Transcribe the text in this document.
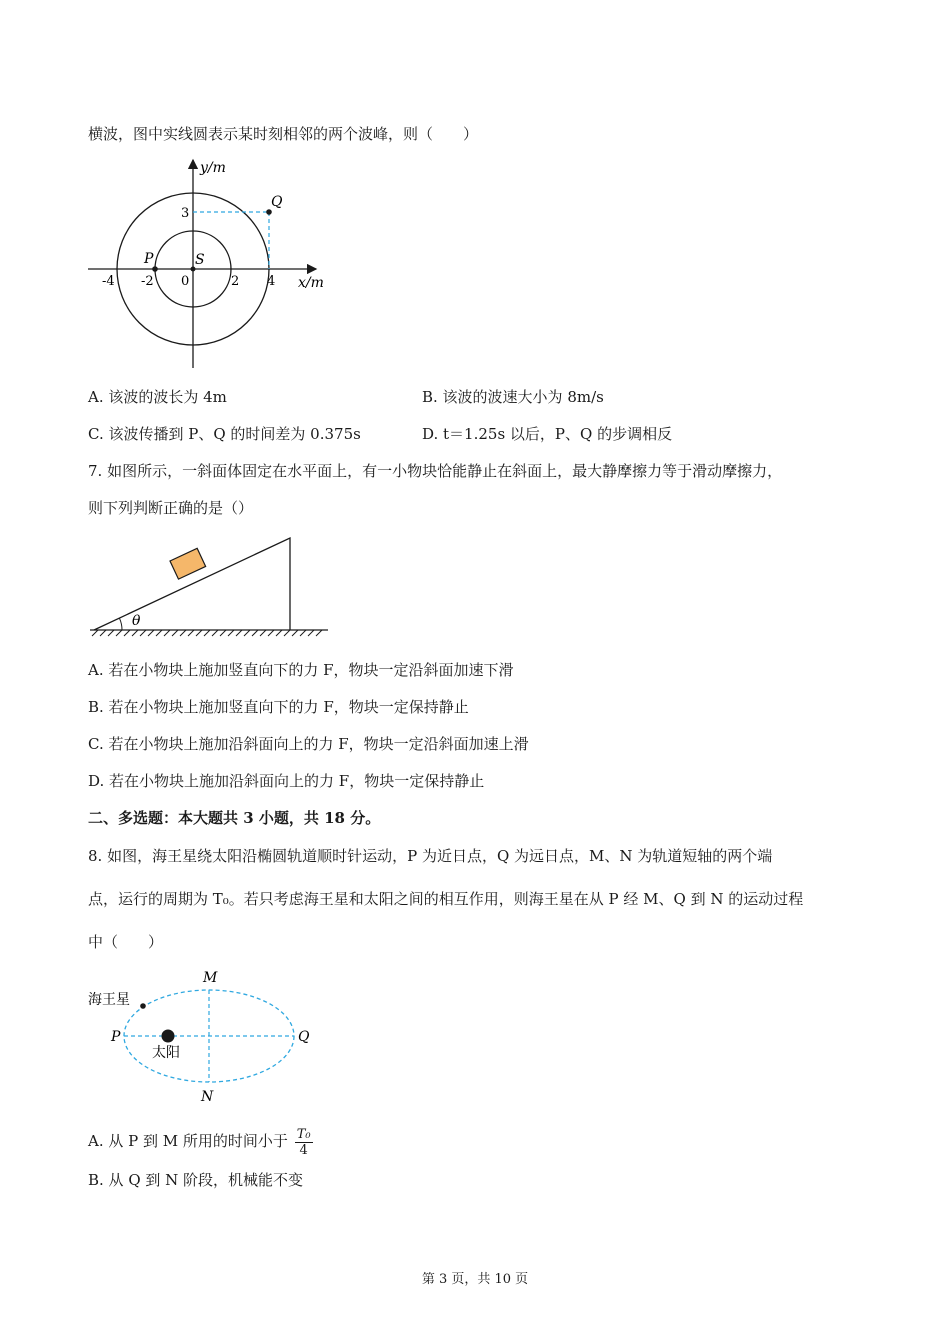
横波，图中实线圆表示某时刻相邻的两个波峰，则（　　）
y/m
x/m
Q
P	S
3
-4 -2 0	2 4
A. 该波的波长为 4m	B. 该波的波速大小为 8m/s
C. 该波传播到 P、Q 的时间差为 0.375s	D. t＝1.25s 以后，P、Q 的步调相反
7. 如图所示，一斜面体固定在水平面上，有一小物块恰能静止在斜面上，最大静摩擦力等于滑动摩擦力，
则下列判断正确的是（）
θ
A. 若在小物块上施加竖直向下的力 F，物块一定沿斜面加速下滑
B. 若在小物块上施加竖直向下的力 F，物块一定保持静止
C. 若在小物块上施加沿斜面向上的力 F，物块一定沿斜面加速上滑
D. 若在小物块上施加沿斜面向上的力 F，物块一定保持静止
二、多选题：本大题共 3 小题，共 18 分。
8. 如图，海王星绕太阳沿椭圆轨道顺时针运动，P 为近日点，Q 为远日点，M、N 为轨道短轴的两个端
点，运行的周期为 T₀。若只考虑海王星和太阳之间的相互作用，则海王星在从 P 经 M、Q 到 N 的运动过程
中（　　）
M
N
P	Q
海王星
太阳
A. 从 P 到 M 所用的时间小于 $\frac{\text{T₀}}{4}$
B. 从 Q 到 N 阶段，机械能不变
第 3 页，共 10 页
